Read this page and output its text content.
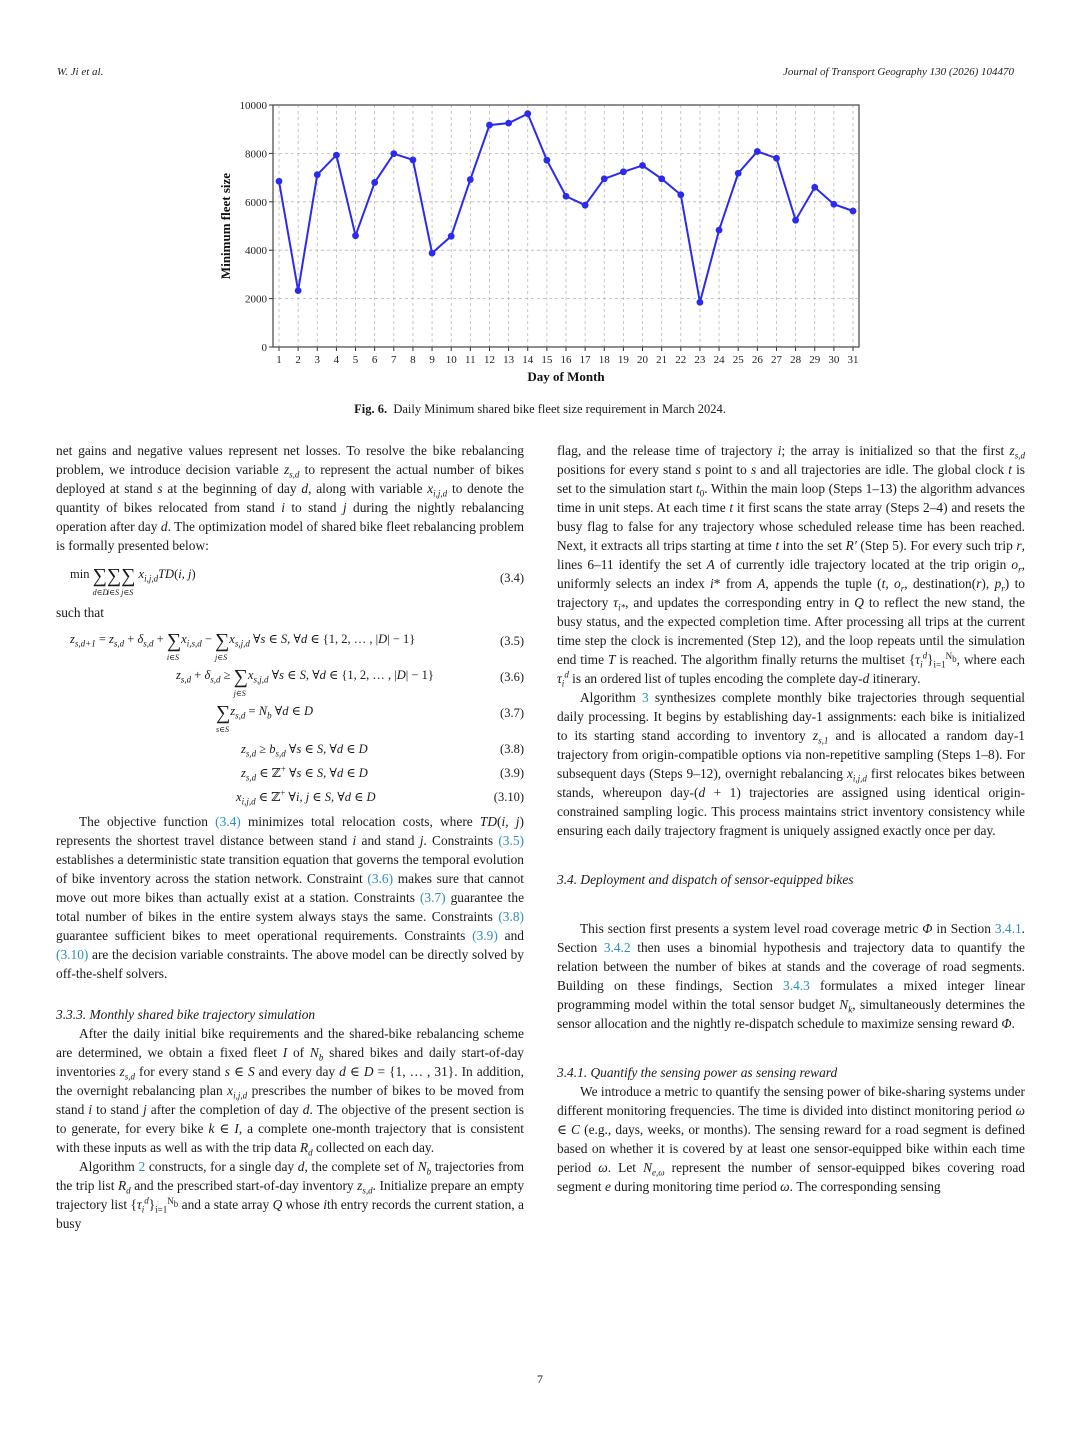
W. Ji et al.	Journal of Transport Geography 130 (2026) 104470
0
2000
4000
6000
8000
10000
1 2 3 4 5 6 7 8 9 10 11 12 13 14 15 16 17 18 19 20 21 22 23 24 25 26 27 28 29 30 31
Day of Month
Minimum fleet size
Fig. 6. Daily Minimum shared bike fleet size requirement in March 2024.

net gains and negative values represent net losses. To resolve the bike rebalancing problem, we introduce decision variable $z_{s,d}$ to represent the actual number of bikes deployed at stand s at the beginning of day d, along with variable $x_{i,j,d}$ to denote the quantity of bikes relocated from stand i to stand j during the nightly rebalancing operation after day d. The optimization model of shared bike fleet rebalancing problem is formally presented below:

min ∑
d∈D
∑
i∈S
∑
j∈S
$x_{i,j,d}TD(i$, j)	(3.4)

such that

$z_{s,d+1} = z_{s,d} + \delta_{s,d}$ + ∑
i∈S
$x_{i,s,d}$ − ∑
j∈S
$x_{s,j,d}$ ∀s ∈ S, ∀d ∈ {1, 2, … , |D| − 1}	(3.5)
$z_{s,d} + \delta_{s,d}$ ≥ ∑
j∈S
$x_{s,j,d}$ ∀s ∈ S, ∀d ∈ {1, 2, … , |D| − 1}	(3.6)
∑
s∈S
$z_{s,d} = N_b$ ∀d ∈ D	(3.7)
$z_{s,d} \ge b_{s,d}$ ∀s ∈ S, ∀d ∈ D	(3.8)
$z_{s,d}$ ∈ ℤ+ ∀s ∈ S, ∀d ∈ D	(3.9)
$x_{i,j,d}$ ∈ ℤ+ ∀i, j ∈ S, ∀d ∈ D	(3.10)

The objective function (3.4) minimizes total relocation costs, where TD(i, j) represents the shortest travel distance between stand i and stand j. Constraints (3.5) establishes a deterministic state transition equation that governs the temporal evolution of bike inventory across the station network. Constraint (3.6) makes sure that cannot move out more bikes than actually exist at a station. Constraints (3.7) guarantee the total number of bikes in the entire system always stays the same. Constraints (3.8) guarantee sufficient bikes to meet operational requirements. Constraints (3.9) and (3.10) are the decision variable constraints. The above model can be directly solved by off-the-shelf solvers.

3.3.3. Monthly shared bike trajectory simulation

After the daily initial bike requirements and the shared-bike rebalancing scheme are determined, we obtain a fixed fleet I of $N_b$ shared bikes and daily start-of-day inventories $z_{s,d}$ for every stand s ∈ S and every day d ∈ D = {1, … , 31}. In addition, the overnight rebalancing plan $x_{i,j,d}$ prescribes the number of bikes to be moved from stand i to stand j after the completion of day d. The objective of the present section is to generate, for every bike k ∈ I, a complete one-month trajectory that is consistent with these inputs as well as with the trip data $R_d$ collected on each day.

Algorithm 2 constructs, for a single day d, the complete set of $N_b$ trajectories from the trip list $R_d$ and the prescribed start-of-day inventory $z_{s,d}$. Initialize prepare an empty trajectory list $\{\tau_i^d\}_{i=1}^{N_b}$ and a state array Q whose ith entry records the current station, a busy

flag, and the release time of trajectory i; the array is initialized so that the first $z_{s,d}$ positions for every stand s point to s and all trajectories are idle. The global clock t is set to the simulation start $t_0$. Within the main loop (Steps 1–13) the algorithm advances time in unit steps. At each time t it first scans the state array (Steps 2–4) and resets the busy flag to false for any trajectory whose scheduled release time has been reached. Next, it extracts all trips starting at time t into the set R′ (Step 5). For every such trip r, lines 6–11 identify the set A of currently idle trajectory located at the trip origin $o_r$, uniformly selects an index i* from A, appends the tuple (t, $o_r$, destination(r), $p_r$) to trajectory $\tau_{i*}$, and updates the corresponding entry in Q to reflect the new stand, the busy status, and the expected completion time. After processing all trips at the current time step the clock is incremented (Step 12), and the loop repeats until the simulation end time T is reached. The algorithm finally returns the multiset $\{\tau_i^d\}_{i=1}^{N_b}$, where each $\tau_i^d$ is an ordered list of tuples encoding the complete day-d itinerary.

Algorithm 3 synthesizes complete monthly bike trajectories through sequential daily processing. It begins by establishing day-1 assignments: each bike is initialized to its starting stand according to inventory $z_{s,1}$ and is allocated a random day-1 trajectory from origin-compatible options via non-repetitive sampling (Steps 1–8). For subsequent days (Steps 9–12), overnight rebalancing $x_{i,j,d}$ first relocates bikes between stands, whereupon day-(d + 1) trajectories are assigned using identical origin-constrained sampling logic. This process maintains strict inventory consistency while ensuring each daily trajectory fragment is uniquely assigned exactly once per day.

3.4. Deployment and dispatch of sensor-equipped bikes

This section first presents a system level road coverage metric Φ in Section 3.4.1. Section 3.4.2 then uses a binomial hypothesis and trajectory data to quantify the relation between the number of bikes at stands and the coverage of road segments. Building on these findings, Section 3.4.3 formulates a mixed integer linear programming model within the total sensor budget $N_k$, simultaneously determines the sensor allocation and the nightly re-dispatch schedule to maximize sensing reward Φ.

3.4.1. Quantify the sensing power as sensing reward

We introduce a metric to quantify the sensing power of bike-sharing systems under different monitoring frequencies. The time is divided into distinct monitoring period ω ∈ C (e.g., days, weeks, or months). The sensing reward for a road segment is defined based on whether it is covered by at least one sensor-equipped bike within each time period ω. Let $N_{e,\omega}$ represent the number of sensor-equipped bikes covering road segment e during monitoring time period ω. The corresponding sensing

7
